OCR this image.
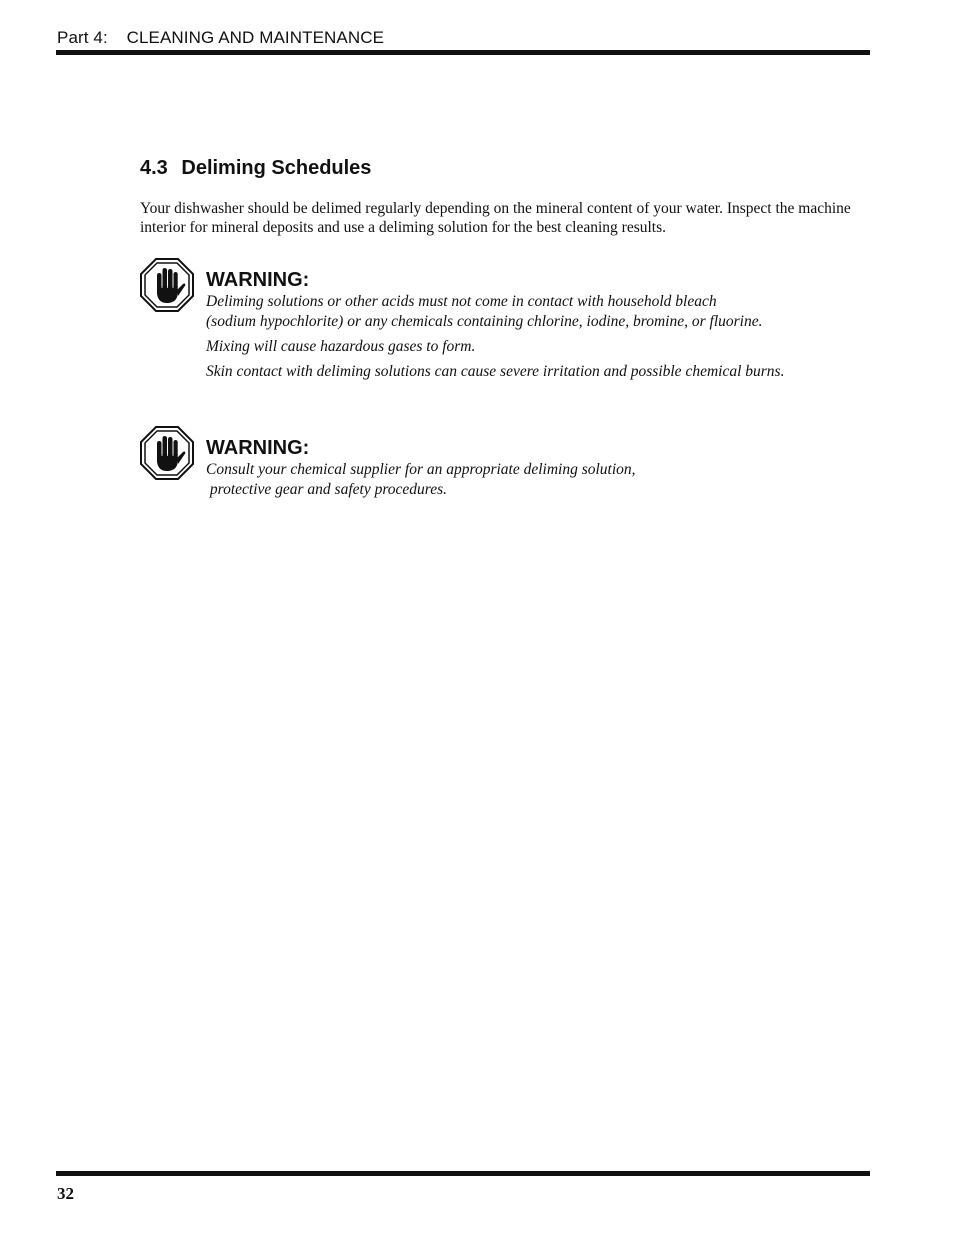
Part 4: CLEANING AND MAINTENANCE
4.3 Deliming Schedules
Your dishwasher should be delimed regularly depending on the mineral content of your water. Inspect the machine interior for mineral deposits and use a deliming solution for the best cleaning results.
WARNING:
Deliming solutions or other acids must not come in contact with household bleach
(sodium hypochlorite) or any chemicals containing chlorine, iodine, bromine, or fluorine.
Mixing will cause hazardous gases to form.
Skin contact with deliming solutions can cause severe irritation and possible chemical burns.
WARNING:
Consult your chemical supplier for an appropriate deliming solution,
protective gear and safety procedures.
32
